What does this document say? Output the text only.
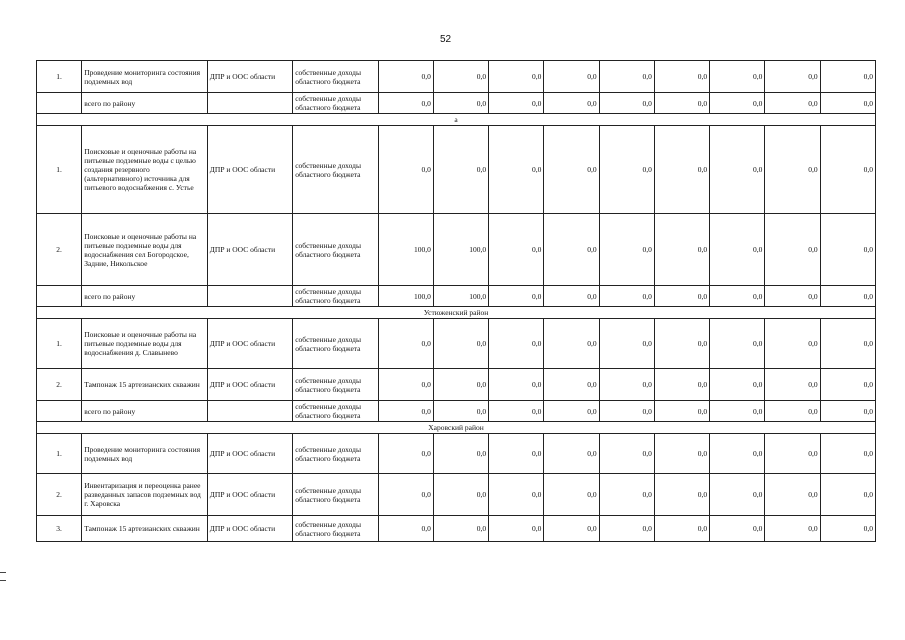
52
1.	Проведение мониторинга состояния подземных вод	ДПР и ООС области	собственные доходы областного бюджета	0,0	0,0	0,0	0,0	0,0	0,0	0,0	0,0	0,0
	всего по району		собственные доходы областного бюджета	0,0	0,0	0,0	0,0	0,0	0,0	0,0	0,0	0,0
а												
1.	Поисковые и оценочные работы на питьевые подземные воды с целью создания резервного (альтернативного) источника для питьевого водоснабжения с. Устье	ДПР и ООС области	собственные доходы областного бюджета	0,0	0,0	0,0	0,0	0,0	0,0	0,0	0,0	0,0
2.	Поисковые и оценочные работы на питьевые подземные воды для водоснабжения сел Богородское, Задние, Никольское	ДПР и ООС области	собственные доходы областного бюджета	100,0	100,0	0,0	0,0	0,0	0,0	0,0	0,0	0,0
	всего по району		собственные доходы областного бюджета	100,0	100,0	0,0	0,0	0,0	0,0	0,0	0,0	0,0
Устюженский район												
1.	Поисковые и оценочные работы на питьевые подземные воды для водоснабжения д. Славынево	ДПР и ООС области	собственные доходы областного бюджета	0,0	0,0	0,0	0,0	0,0	0,0	0,0	0,0	0,0
2.	Тампонаж 15 артезианских скважин	ДПР и ООС области	собственные доходы областного бюджета	0,0	0,0	0,0	0,0	0,0	0,0	0,0	0,0	0,0
	всего по району		собственные доходы областного бюджета	0,0	0,0	0,0	0,0	0,0	0,0	0,0	0,0	0,0
Харовский район												
1.	Проведение мониторинга состояния подземных вод	ДПР и ООС области	собственные доходы областного бюджета	0,0	0,0	0,0	0,0	0,0	0,0	0,0	0,0	0,0
2.	Инвентаризация и переоценка ранее разведанных запасов подземных вод г. Харовска	ДПР и ООС области	собственные доходы областного бюджета	0,0	0,0	0,0	0,0	0,0	0,0	0,0	0,0	0,0
3.	Тампонаж 15 артезианских скважин	ДПР и ООС области	собственные доходы областного бюджета	0,0	0,0	0,0	0,0	0,0	0,0	0,0	0,0	0,0
